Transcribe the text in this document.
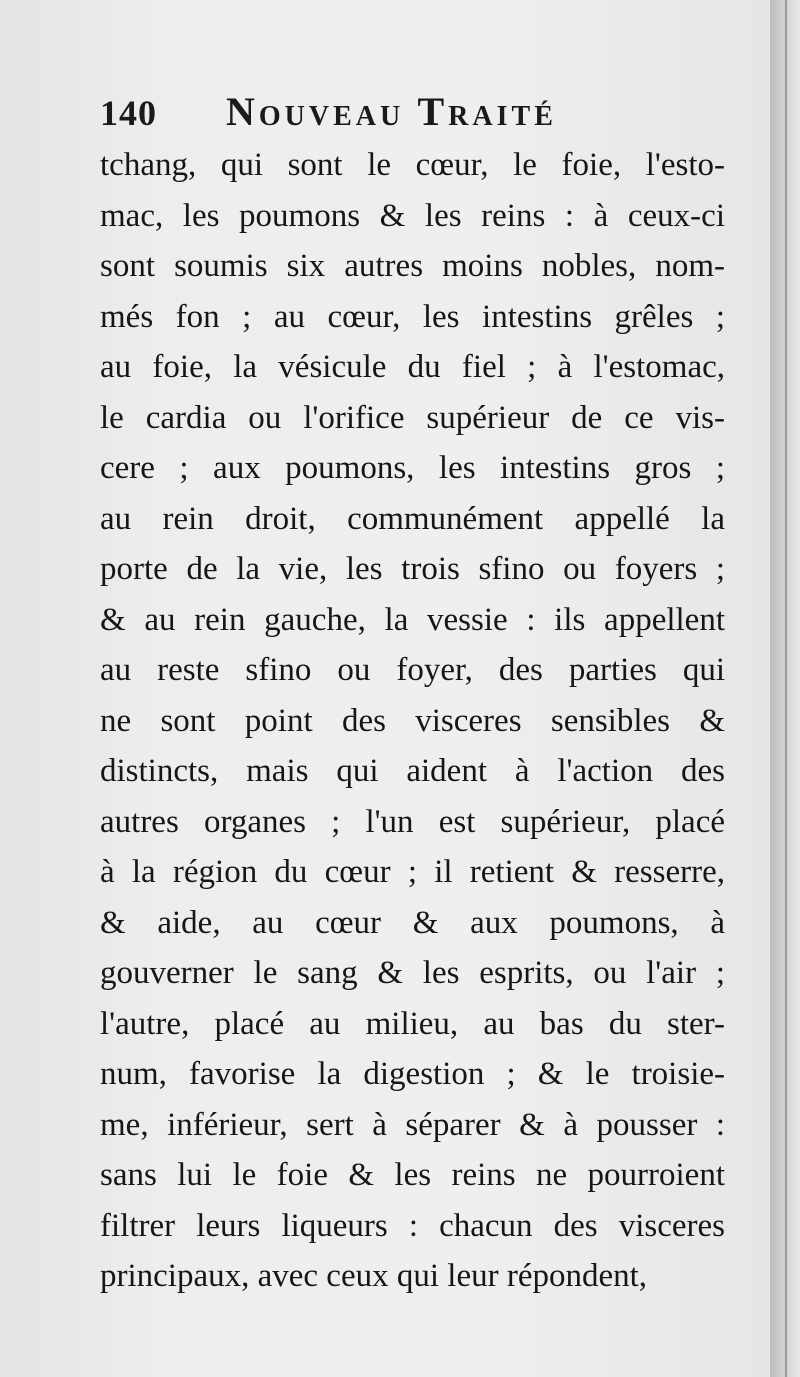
140 Nouveau Traité
tchang, qui sont le cœur, le foie, l'esto-
mac, les poumons & les reins : à ceux-ci
sont soumis six autres moins nobles, nom-
més fon ; au cœur, les intestins grêles ;
au foie, la vésicule du fiel ; à l'estomac,
le cardia ou l'orifice supérieur de ce vis-
cere ; aux poumons, les intestins gros ;
au rein droit, communément appellé la
porte de la vie, les trois sfino ou foyers ;
& au rein gauche, la vessie : ils appellent
au reste sfino ou foyer, des parties qui
ne sont point des visceres sensibles &
distincts, mais qui aident à l'action des
autres organes ; l'un est supérieur, placé
à la région du cœur ; il retient & resserre,
& aide, au cœur & aux poumons, à
gouverner le sang & les esprits, ou l'air ;
l'autre, placé au milieu, au bas du ster-
num, favorise la digestion ; & le troisie-
me, inférieur, sert à séparer & à pousser :
sans lui le foie & les reins ne pourroient
filtrer leurs liqueurs : chacun des visceres
principaux, avec ceux qui leur répondent,
